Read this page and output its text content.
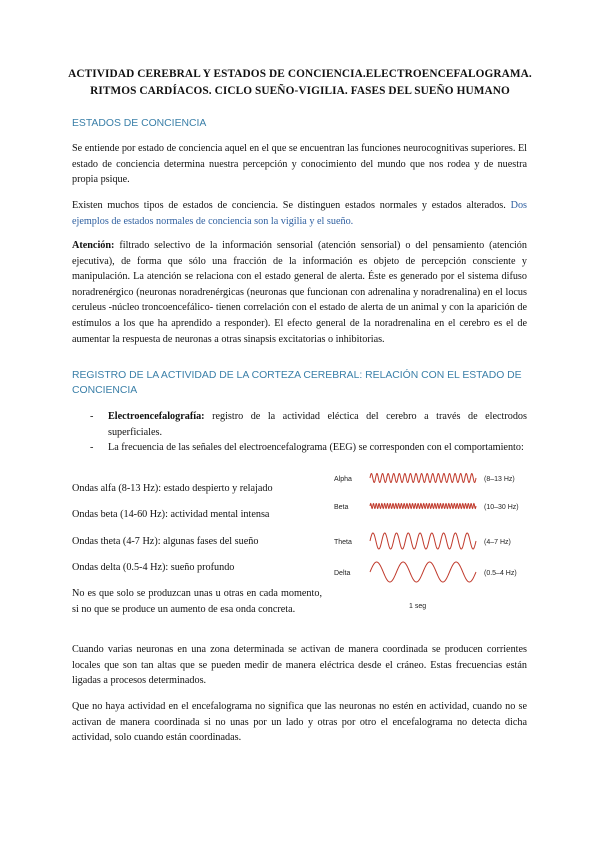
ACTIVIDAD CEREBRAL Y ESTADOS DE CONCIENCIA.ELECTROENCEFALOGRAMA.
RITMOS CARDÍACOS. CICLO SUEÑO-VIGILIA. FASES DEL SUEÑO HUMANO
ESTADOS DE CONCIENCIA
Se entiende por estado de conciencia aquel en el que se encuentran las funciones neurocognitivas superiores. El estado de conciencia determina nuestra percepción y conocimiento del mundo que nos rodea y de nuestra propia psique.
Existen muchos tipos de estados de conciencia. Se distinguen estados normales y estados alterados. Dos ejemplos de estados normales de conciencia son la vigilia y el sueño.
Atención: filtrado selectivo de la información sensorial (atención sensorial) o del pensamiento (atención ejecutiva), de forma que sólo una fracción de la información es objeto de percepción consciente y manipulación. La atención se relaciona con el estado general de alerta. Éste es generado por el sistema difuso noradrenérgico (neuronas noradrenérgicas (neuronas que funcionan con adrenalina y noradrenalina) en el locus ceruleus -núcleo troncoencefálico- tienen correlación con el estado de alerta de un animal y con la aparición de estímulos a los que ha aprendido a responder). El efecto general de la noradrenalina en el cerebro es el de aumentar la respuesta de neuronas a otras sinapsis excitatorias o inhibitorias.
REGISTRO DE LA ACTIVIDAD DE LA CORTEZA CEREBRAL: RELACIÓN CON EL ESTADO DE CONCIENCIA
- Electroencefalografía: registro de la actividad eléctica del cerebro a través de electrodos superficiales.
- La frecuencia de las señales del electroencefalograma (EEG) se corresponden con el comportamiento:
Ondas alfa (8-13 Hz): estado despierto y relajado
Ondas beta (14-60 Hz): actividad mental intensa
Ondas theta (4-7 Hz): algunas fases del sueño
Ondas delta (0.5-4 Hz): sueño profundo
No es que solo se produzcan unas u otras en cada momento, si no que se produce un aumento de esa onda concreta.
Alpha	(8–13 Hz)
Beta	(10–30 Hz)
Theta	(4–7 Hz)
Delta	(0.5–4 Hz)
1 seg
Cuando varias neuronas en una zona determinada se activan de manera coordinada se producen corrientes locales que son tan altas que se pueden medir de manera eléctrica desde el cráneo. Estas frecuencias están ligadas a procesos determinados.
Que no haya actividad en el encefalograma no significa que las neuronas no estén en actividad, cuando no se activan de manera coordinada si no unas por un lado y otras por otro el encefalograma no detecta dicha actividad, solo cuando están coordinadas.
